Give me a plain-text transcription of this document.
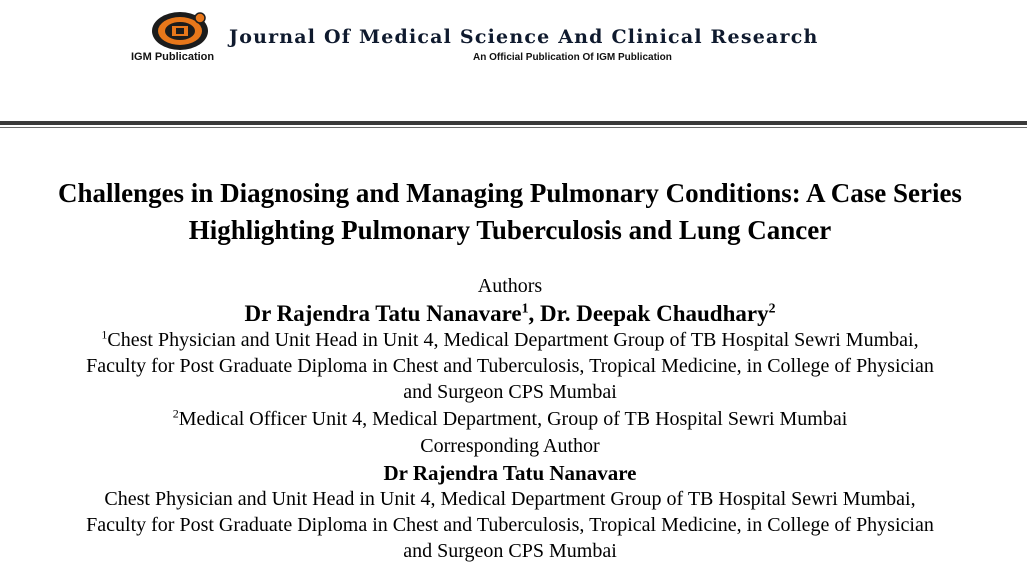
IGM Publication
Journal Of Medical Science And Clinical Research
An Official Publication Of IGM Publication
Challenges in Diagnosing and Managing Pulmonary Conditions: A Case Series Highlighting Pulmonary Tuberculosis and Lung Cancer
Authors
Dr Rajendra Tatu Nanavare$^1$, Dr. Deepak Chaudhary$^2$
$^1$Chest Physician and Unit Head in Unit 4, Medical Department Group of TB Hospital Sewri Mumbai,
Faculty for Post Graduate Diploma in Chest and Tuberculosis, Tropical Medicine, in College of Physician
and Surgeon CPS Mumbai
$^2$Medical Officer Unit 4, Medical Department, Group of TB Hospital Sewri Mumbai
Corresponding Author
Dr Rajendra Tatu Nanavare
Chest Physician and Unit Head in Unit 4, Medical Department Group of TB Hospital Sewri Mumbai,
Faculty for Post Graduate Diploma in Chest and Tuberculosis, Tropical Medicine, in College of Physician
and Surgeon CPS Mumbai
